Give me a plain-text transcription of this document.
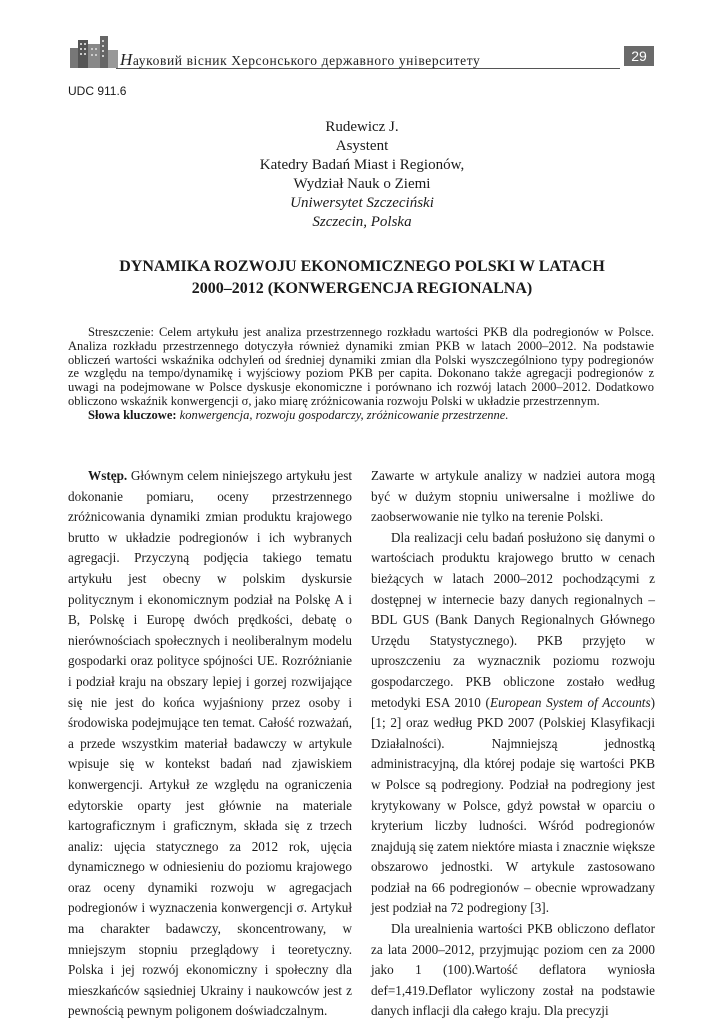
Науковий вісник Херсонського державного університету	29
UDC 911.6
Rudewicz J.
Asystent
Katedry Badań Miast i Regionów,
Wydział Nauk o Ziemi
Uniwersytet Szczeciński
Szczecin, Polska
DYNAMIKA ROZWOJU EKONOMICZNEGO POLSKI W LATACH
2000–2012 (KONWERGENCJA REGIONALNA)

Streszczenie: Celem artykułu jest analiza przestrzennego rozkładu wartości PKB dla podregionów w Polsce. Analiza rozkładu przestrzennego dotyczyła również dynamiki zmian PKB w latach 2000–2012. Na podstawie obliczeń wartości wskaźnika odchyleń od średniej dynamiki zmian dla Polski wyszczególniono typy podregionów ze względu na tempo/dynamikę i wyjściowy poziom PKB per capita. Dokonano także agregacji podregionów z uwagi na podejmowane w Polsce dyskusje ekonomiczne i porównano ich rozwój latach 2000–2012. Dodatkowo obliczono wskaźnik konwergencji σ, jako miarę zróżnicowania rozwoju Polski w układzie przestrzennym.

Słowa kluczowe: konwergencja, rozwoju gospodarczy, zróżnicowanie przestrzenne.

Wstęp. Głównym celem niniejszego artykułu jest dokonanie pomiaru, oceny przestrzennego zróżnicowania dynamiki zmian produktu krajowego brutto w układzie podregionów i ich wybranych agregacji. Przyczyną podjęcia takiego tematu artykułu jest obecny w polskim dyskursie politycznym i ekonomicznym podział na Polskę A i B, Polskę i Europę dwóch prędkości, debatę o nierównościach społecznych i neoliberalnym modelu gospodarki oraz polityce spójności UE. Rozróżnianie i podział kraju na obszary lepiej i gorzej rozwijające się nie jest do końca wyjaśniony przez osoby i środowiska podejmujące ten temat. Całość rozważań, a przede wszystkim materiał badawczy w artykule wpisuje się w kontekst badań nad zjawiskiem konwergencji. Artykuł ze względu na ograniczenia edytorskie oparty jest głównie na materiale kartograficznym i graficznym, składa się z trzech analiz: ujęcia statycznego za 2012 rok, ujęcia dynamicznego w odniesieniu do poziomu krajowego oraz oceny dynamiki rozwoju w agregacjach podregionów i wyznaczenia konwergencji σ. Artykuł ma charakter badawczy, skoncentrowany, w mniejszym stopniu przeglądowy i teoretyczny. Polska i jej rozwój ekonomiczny i społeczny dla mieszkańców sąsiedniej Ukrainy i naukowców jest z pewnością pewnym poligonem doświadczalnym.

Zawarte w artykule analizy w nadziei autora mogą być w dużym stopniu uniwersalne i możliwe do zaobserwowanie nie tylko na terenie Polski.

Dla realizacji celu badań posłużono się danymi o wartościach produktu krajowego brutto w cenach bieżących w latach 2000–2012 pochodzącymi z dostępnej w internecie bazy danych regionalnych – BDL GUS (Bank Danych Regionalnych Głównego Urzędu Statystycznego). PKB przyjęto w uproszczeniu za wyznacznik poziomu rozwoju gospodarczego. PKB obliczone zostało według metodyki ESA 2010 (European System of Accounts) [1; 2] oraz według PKD 2007 (Polskiej Klasyfikacji Działalności). Najmniejszą jednostką administracyjną, dla której podaje się wartości PKB w Polsce są podregiony. Podział na podregiony jest krytykowany w Polsce, gdyż powstał w oparciu o kryterium liczby ludności. Wśród podregionów znajdują się zatem niektóre miasta i znacznie większe obszarowo jednostki. W artykule zastosowano podział na 66 podregionów – obecnie wprowadzany jest podział na 72 podregiony [3].

Dla urealnienia wartości PKB obliczono deflator za lata 2000–2012, przyjmując poziom cen za 2000 jako 1 (100).Wartość deflatora wyniosła def=1,419.Deflator wyliczony został na podstawie danych inflacji dla całego kraju. Dla precyzji
